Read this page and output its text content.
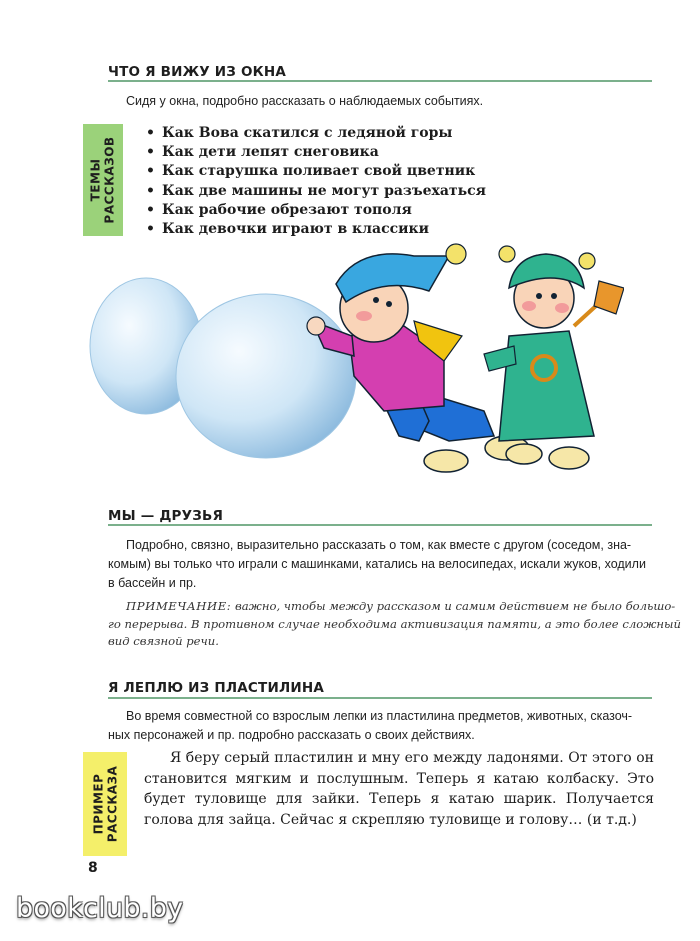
ЧТО Я ВИЖУ ИЗ ОКНА
Сидя у окна, подробно рассказать о наблюдаемых событиях.
ТЕМЫ РАССКАЗОВ
• Как Вова скатился с ледяной горы
• Как дети лепят снеговика
• Как старушка поливает свой цветник
• Как две машины не могут разъехаться
• Как рабочие обрезают тополя
• Как девочки играют в классики
МЫ — ДРУЗЬЯ
Подробно, связно, выразительно рассказать о том, как вместе с другом (соседом, зна-
комым) вы только что играли с машинками, катались на велосипедах, искали жуков, ходили
в бассейн и пр.
ПРИМЕЧАНИЕ: важно, чтобы между рассказом и самим действием не было большо-
го перерыва. В противном случае необходима активизация памяти, а это более сложный
вид связной речи.
Я ЛЕПЛЮ ИЗ ПЛАСТИЛИНА
Во время совместной со взрослым лепки из пластилина предметов, животных, сказоч-
ных персонажей и пр. подробно рассказать о своих действиях.
ПРИМЕР РАССКАЗА

Я беру серый пластилин и мну его между ладонями. От этого он становится мягким и послушным. Теперь я катаю колбаску. Это будет туловище для зайки. Теперь я катаю шарик. Получается голова для зайца. Сейчас я скрепляю туловище и голову… (и т.д.)

8
bookclub.by
